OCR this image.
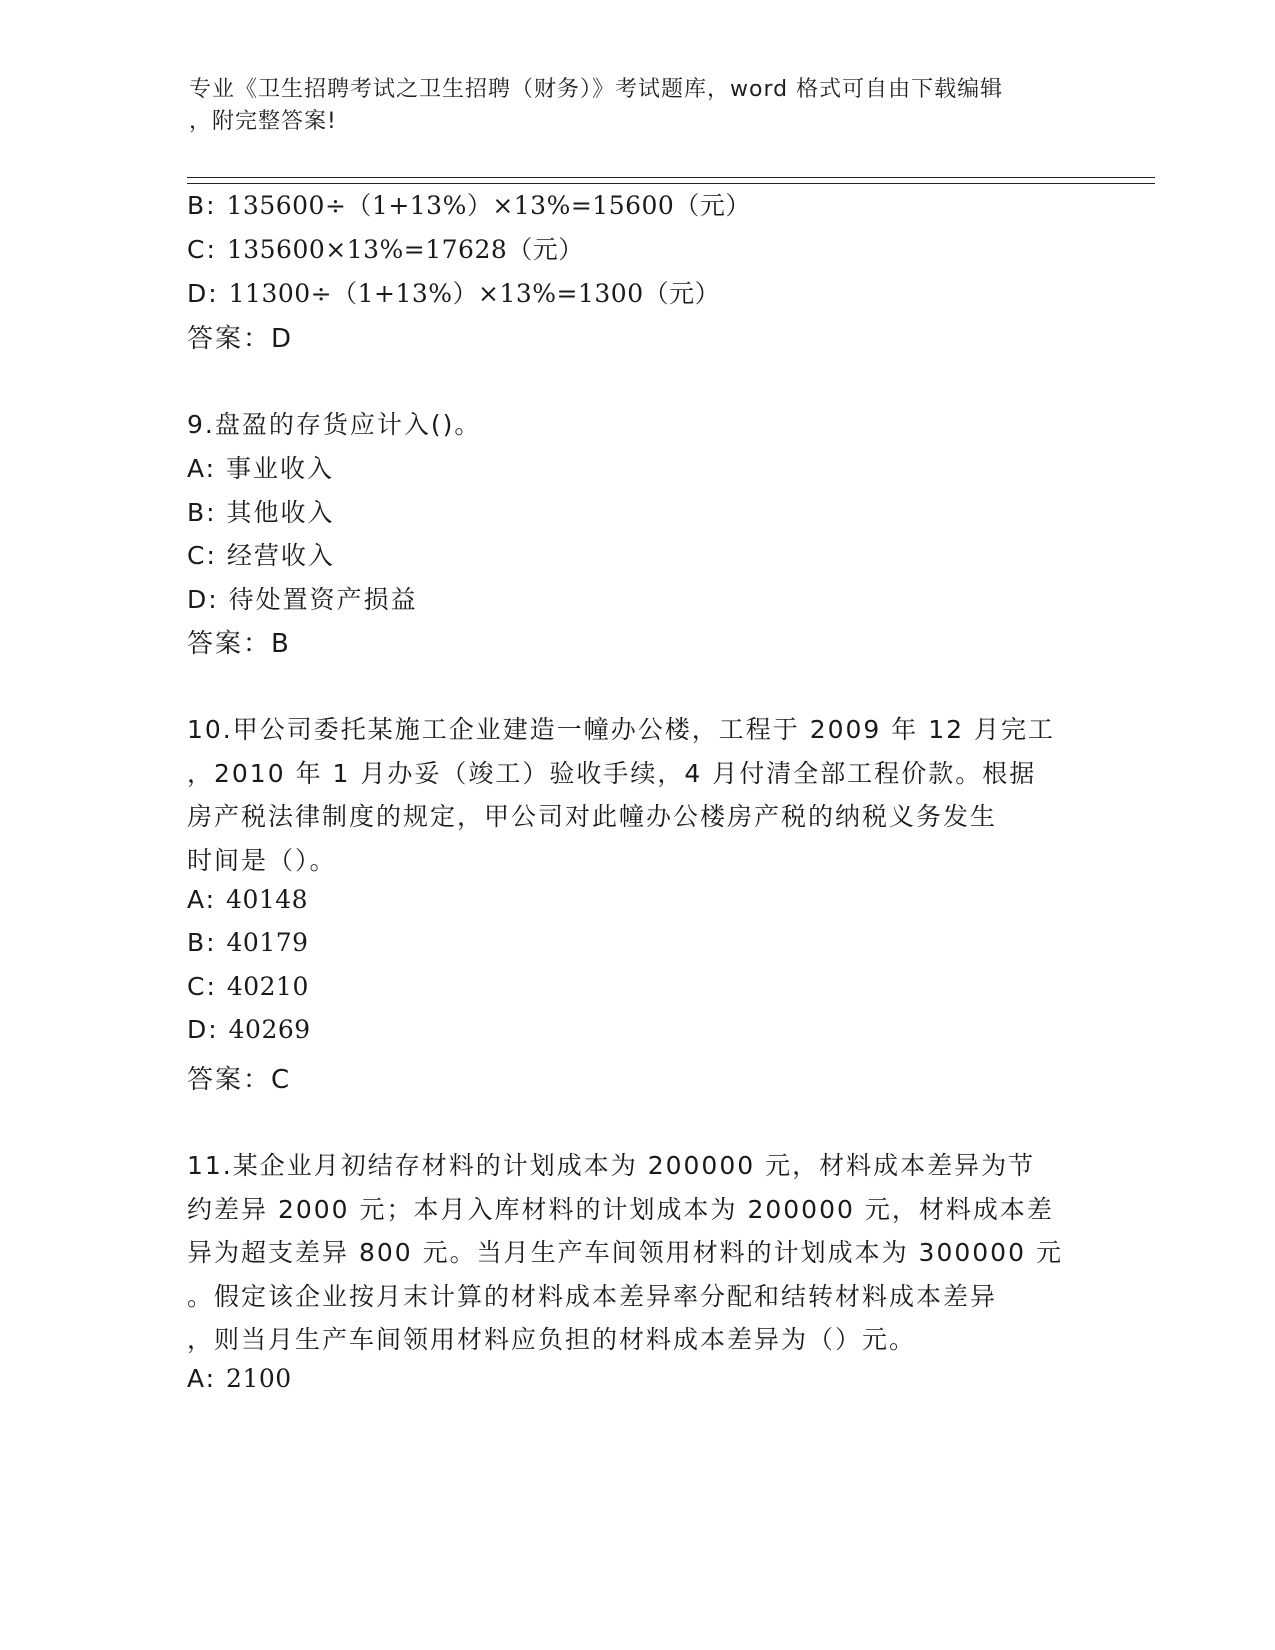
专业《卫生招聘考试之卫生招聘（财务）》考试题库，word 格式可自由下载编辑
，附完整答案!
B: 135600÷（1+13%）×13%=15600（元）
C: 135600×13%=17628（元）
D: 11300÷（1+13%）×13%=1300（元）
答案：D
9.盘盈的存货应计入()。
A: 事业收入
B: 其他收入
C: 经营收入
D: 待处置资产损益
答案：B
10.甲公司委托某施工企业建造一幢办公楼，工程于 2009 年 12 月完工
，2010 年 1 月办妥（竣工）验收手续，4 月付清全部工程价款。根据
房产税法律制度的规定，甲公司对此幢办公楼房产税的纳税义务发生
时间是（）。
A: 40148
B: 40179
C: 40210
D: 40269
答案：C
11.某企业月初结存材料的计划成本为 200000 元，材料成本差异为节
约差异 2000 元；本月入库材料的计划成本为 200000 元，材料成本差
异为超支差异 800 元。当月生产车间领用材料的计划成本为 300000 元
。假定该企业按月末计算的材料成本差异率分配和结转材料成本差异
，则当月生产车间领用材料应负担的材料成本差异为（）元。
A: 2100
